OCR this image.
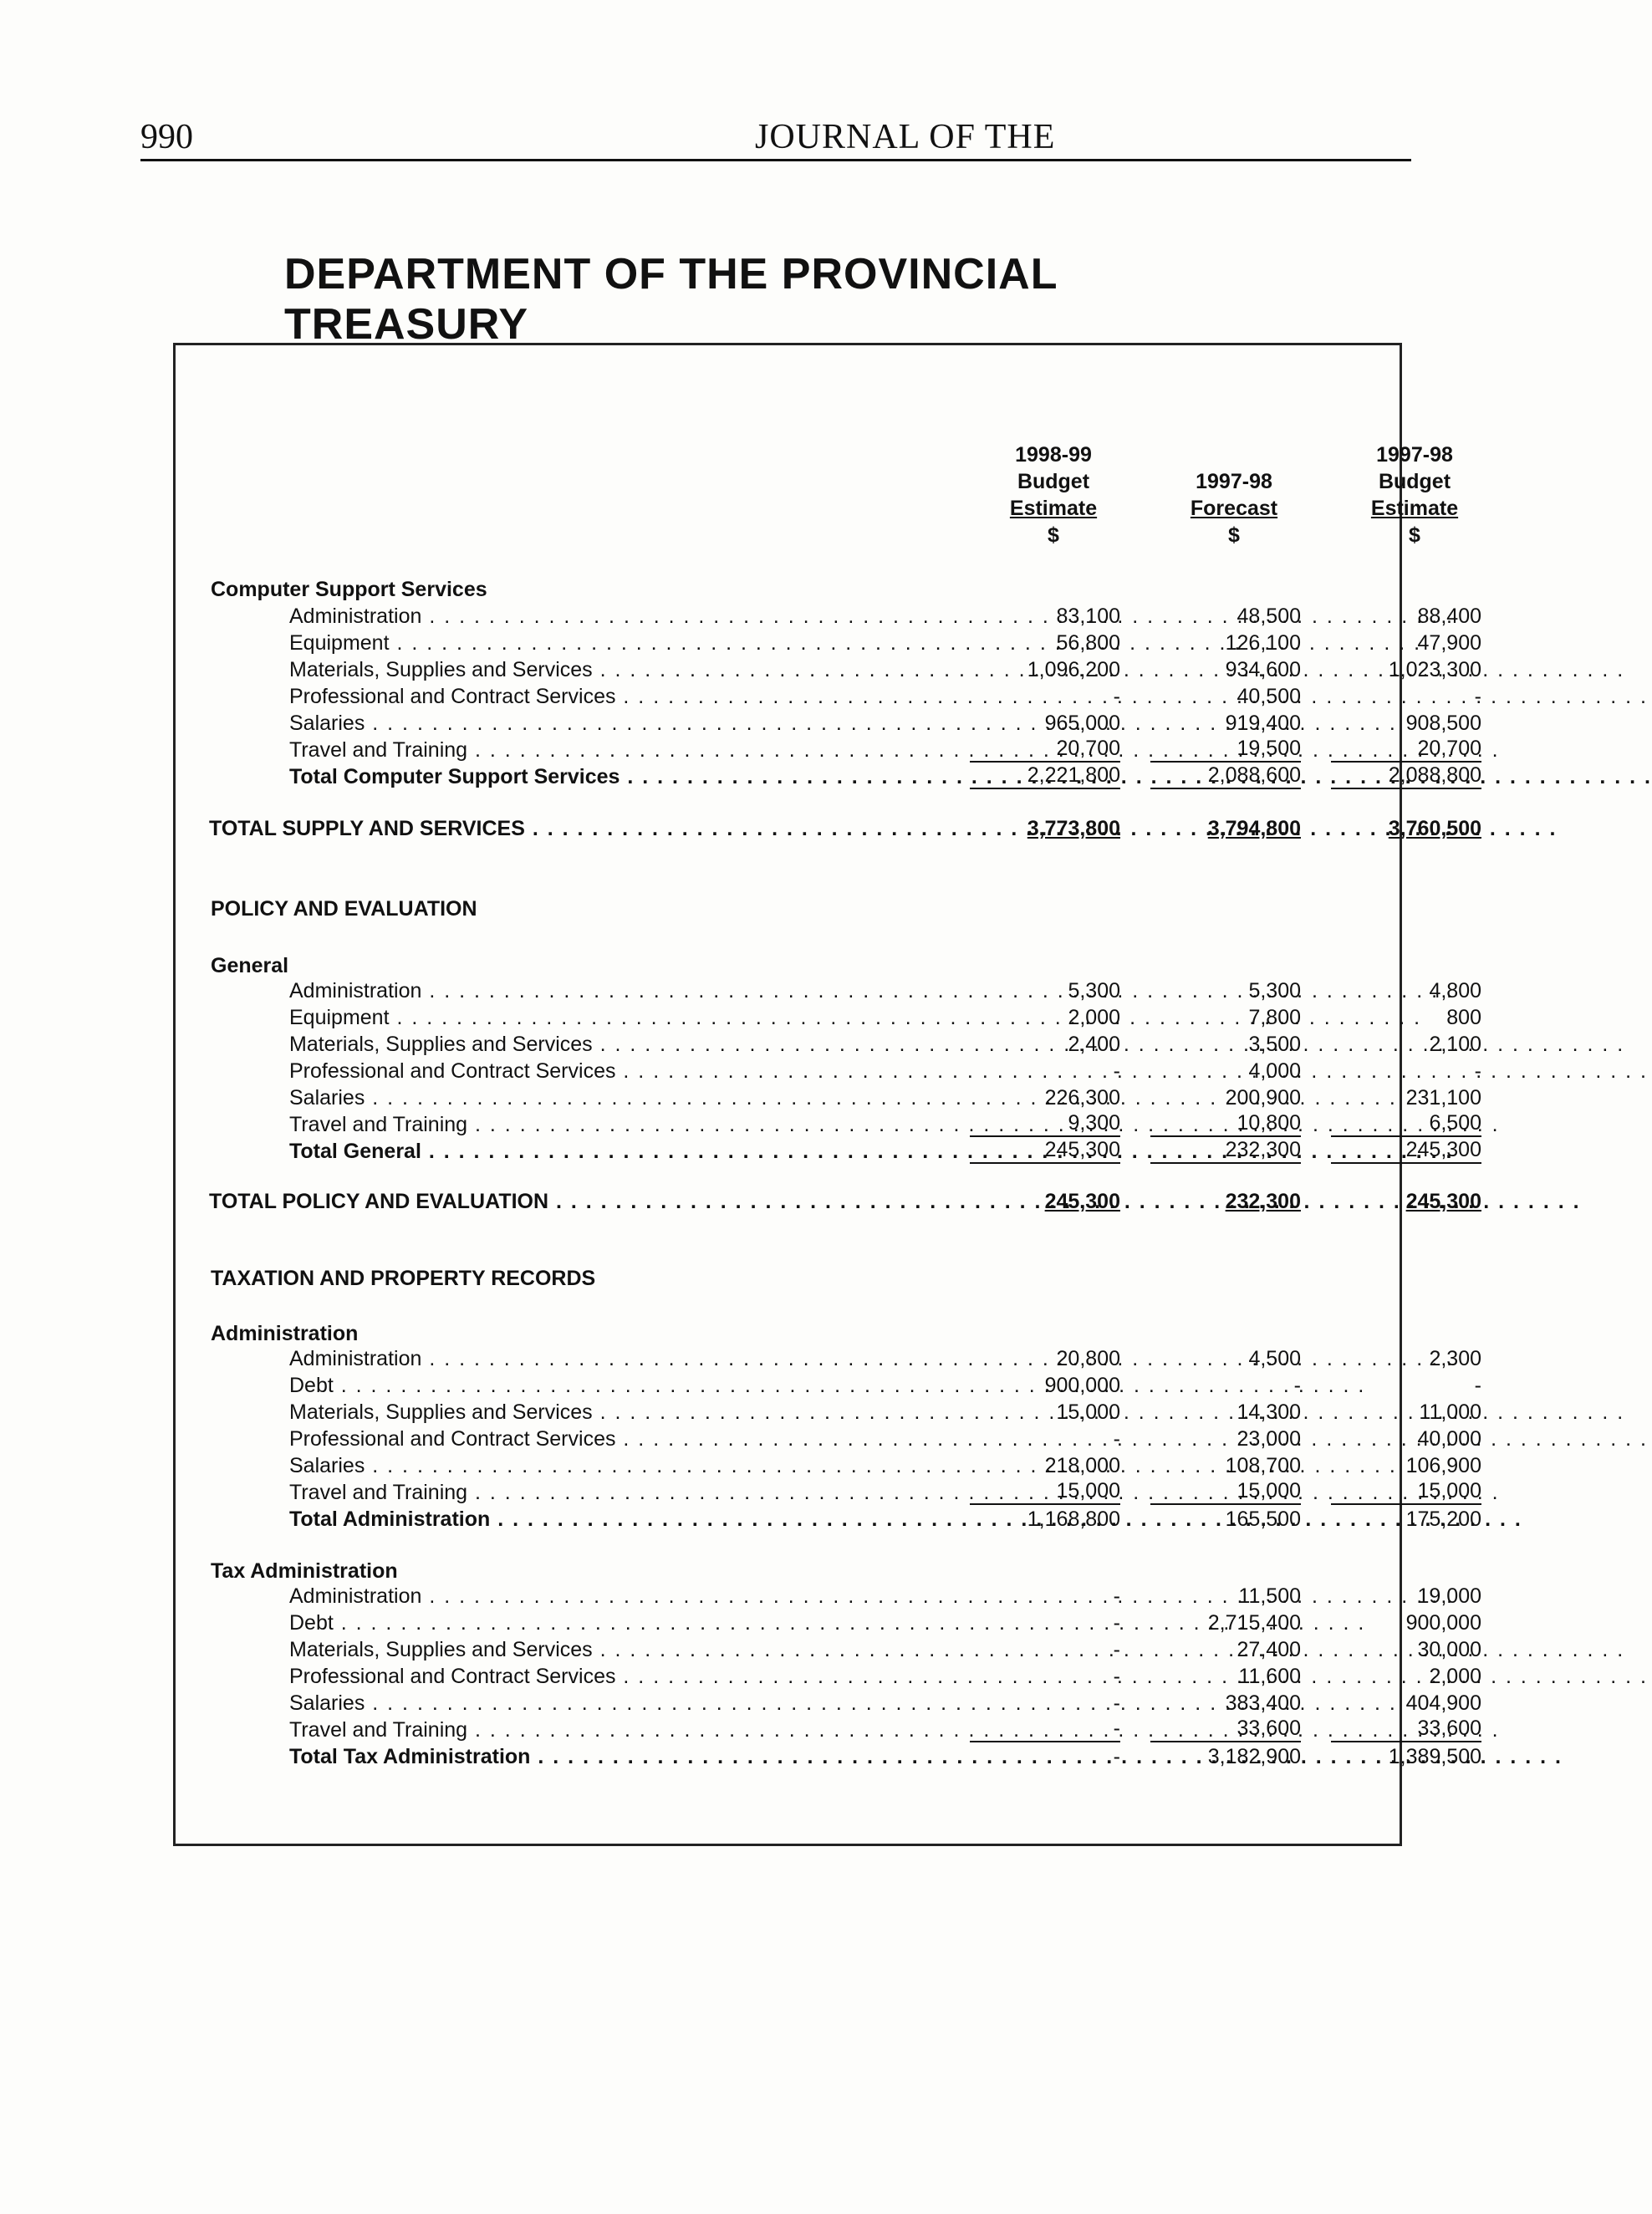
990	JOURNAL OF THE
DEPARTMENT OF THE PROVINCIAL TREASURY
1998-99
Budget
Estimate
$
1997-98
Forecast
$
1997-98
Budget
Estimate
$
Computer Support Services
Administration . . .	83,100	48,500	88,400
Equipment . . .	56,800	126,100	47,900
Materials, Supplies and Services . . .	1,096,200	934,600	1,023,300
Professional and Contract Services . . .	-	40,500	-
Salaries . . .	965,000	919,400	908,500
Travel and Training . . .	20,700	19,500	20,700
Total Computer Support Services . . .	2,221,800	2,088,600	2,088,800
TOTAL SUPPLY AND SERVICES . . .	3,773,800	3,794,800	3,760,500
POLICY AND EVALUATION
General
Administration . . .	5,300	5,300	4,800
Equipment . . .	2,000	7,800	800
Materials, Supplies and Services . . .	2,400	3,500	2,100
Professional and Contract Services . . .	-	4,000	-
Salaries . . .	226,300	200,900	231,100
Travel and Training . . .	9,300	10,800	6,500
Total General . . .	245,300	232,300	245,300
TOTAL POLICY AND EVALUATION . . .	245,300	232,300	245,300
TAXATION AND PROPERTY RECORDS
Administration
Administration . . .	20,800	4,500	2,300
Debt . . .	900,000	-	-
Materials, Supplies and Services . . .	15,000	14,300	11,000
Professional and Contract Services . . .	-	23,000	40,000
Salaries . . .	218,000	108,700	106,900
Travel and Training . . .	15,000	15,000	15,000
Total Administration . . .	1,168,800	165,500	175,200
Tax Administration
Administration . . .	-	11,500	19,000
Debt . . .	-	2,715,400	900,000
Materials, Supplies and Services . . .	-	27,400	30,000
Professional and Contract Services . . .	-	11,600	2,000
Salaries . . .	-	383,400	404,900
Travel and Training . . .	-	33,600	33,600
Total Tax Administration . . .	-	3,182,900	1,389,500
